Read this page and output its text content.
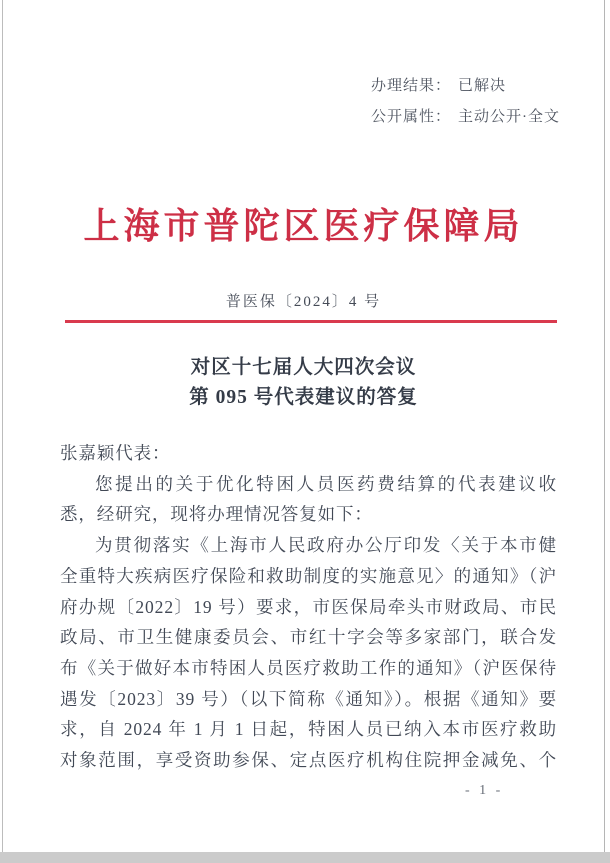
办理结果： 已解决
公开属性： 主动公开·全文
上海市普陀区医疗保障局
普医保〔2024〕4 号
对区十七届人大四次会议
第 095 号代表建议的答复
张嘉颖代表：
您提出的关于优化特困人员医药费结算的代表建议收
悉，经研究，现将办理情况答复如下：
为贯彻落实《上海市人民政府办公厅印发〈关于本市健
全重特大疾病医疗保险和救助制度的实施意见〉的通知》（沪
府办规〔2022〕19 号）要求，市医保局牵头市财政局、市民
政局、市卫生健康委员会、市红十字会等多家部门，联合发
布《关于做好本市特困人员医疗救助工作的通知》（沪医保待
遇发〔2023〕39 号）（以下简称《通知》）。根据《通知》要
求，自 2024 年 1 月 1 日起，特困人员已纳入本市医疗救助
对象范围，享受资助参保、定点医疗机构住院押金减免、个
- 1 -
